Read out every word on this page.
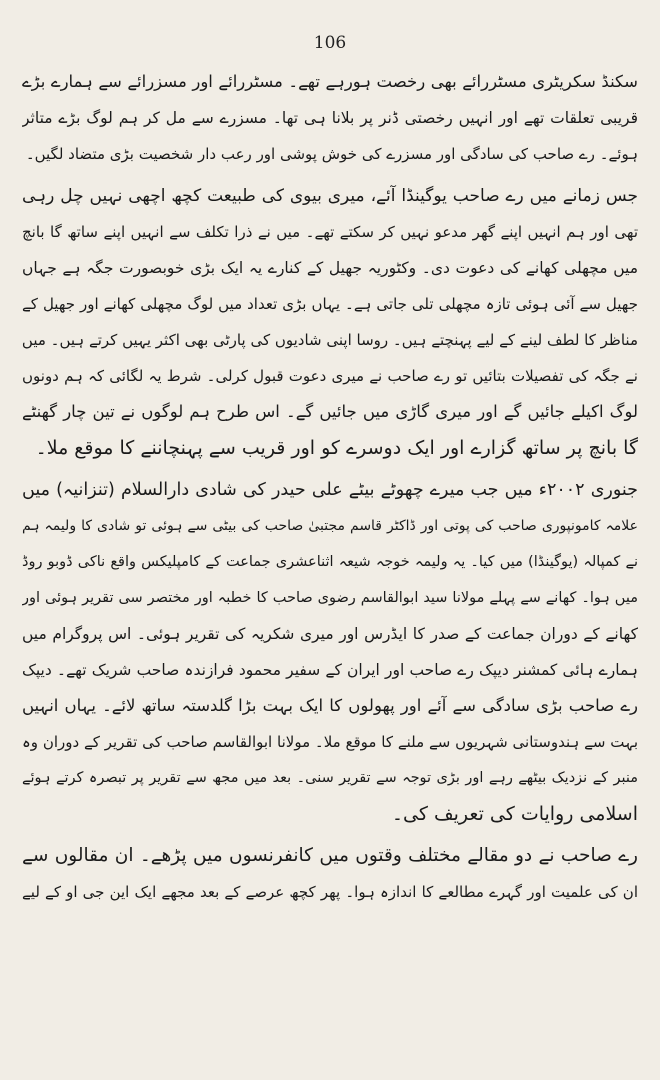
106

سکنڈ سکریٹری مسٹررائے بھی رخصت ہورہے تھے۔ مسٹررائے اور مسزرائے سے ہمارے بڑے
قریبی تعلقات تھے اور انہیں رخصتی ڈنر پر بلانا ہی تھا۔ مسزرے سے مل کر ہم لوگ بڑے متاثر
ہوئے۔ رے صاحب کی سادگی اور مسزرے کی خوش پوشی اور رعب دار شخصیت بڑی متضاد لگیں۔

جس زمانے میں رے صاحب یوگینڈا آئے، میری بیوی کی طبیعت کچھ اچھی نہیں چل رہی
تھی اور ہم انہیں اپنے گھر مدعو نہیں کر سکتے تھے۔ میں نے ذرا تکلف سے انہیں اپنے ساتھ گا بانچ
میں مچھلی کھانے کی دعوت دی۔ وکٹوریہ جھیل کے کنارے یہ ایک بڑی خوبصورت جگہ ہے جہاں
جھیل سے آئی ہوئی تازہ مچھلی تلی جاتی ہے۔ یہاں بڑی تعداد میں لوگ مچھلی کھانے اور جھیل کے
مناظر کا لطف لینے کے لیے پہنچتے ہیں۔ روسا اپنی شادیوں کی پارٹی بھی اکثر یہیں کرتے ہیں۔ میں
نے جگہ کی تفصیلات بتائیں تو رے صاحب نے میری دعوت قبول کرلی۔ شرط یہ لگائی کہ ہم دونوں
لوگ اکیلے جائیں گے اور میری گاڑی میں جائیں گے۔ اس طرح ہم لوگوں نے تین چار گھنٹے
گا بانچ پر ساتھ گزارے اور ایک دوسرے کو اور قریب سے پہنچاننے کا موقع ملا۔

جنوری ۲۰۰۲ء میں جب میرے چھوٹے بیٹے علی حیدر کی شادی دارالسلام (تنزانیہ) میں
علامہ کامونپوری صاحب کی پوتی اور ڈاکٹر قاسم مجتبیٰ صاحب کی بیٹی سے ہوئی تو شادی کا ولیمہ ہم
نے کمپالہ (یوگینڈا) میں کیا۔ یہ ولیمہ خوجہ شیعہ اثناعشری جماعت کے کامپلیکس واقع ناکی ڈوبو روڈ
میں ہوا۔ کھانے سے پہلے مولانا سید ابوالقاسم رضوی صاحب کا خطبہ اور مختصر سی تقریر ہوئی اور
کھانے کے دوران جماعت کے صدر کا ایڈرس اور میری شکریہ کی تقریر ہوئی۔ اس پروگرام میں
ہمارے ہائی کمشنر دیپک رے صاحب اور ایران کے سفیر محمود فرازندہ صاحب شریک تھے۔ دیپک
رے صاحب بڑی سادگی سے آئے اور پھولوں کا ایک بہت بڑا گلدستہ ساتھ لائے۔ یہاں انہیں
بہت سے ہندوستانی شہریوں سے ملنے کا موقع ملا۔ مولانا ابوالقاسم صاحب کی تقریر کے دوران وہ
منبر کے نزدیک بیٹھے رہے اور بڑی توجہ سے تقریر سنی۔ بعد میں مجھ سے تقریر پر تبصرہ کرتے ہوئے
اسلامی روایات کی تعریف کی۔

رے صاحب نے دو مقالے مختلف وقتوں میں کانفرنسوں میں پڑھے۔ ان مقالوں سے
ان کی علمیت اور گہرے مطالعے کا اندازہ ہوا۔ پھر کچھ عرصے کے بعد مجھے ایک این جی او کے لیے
